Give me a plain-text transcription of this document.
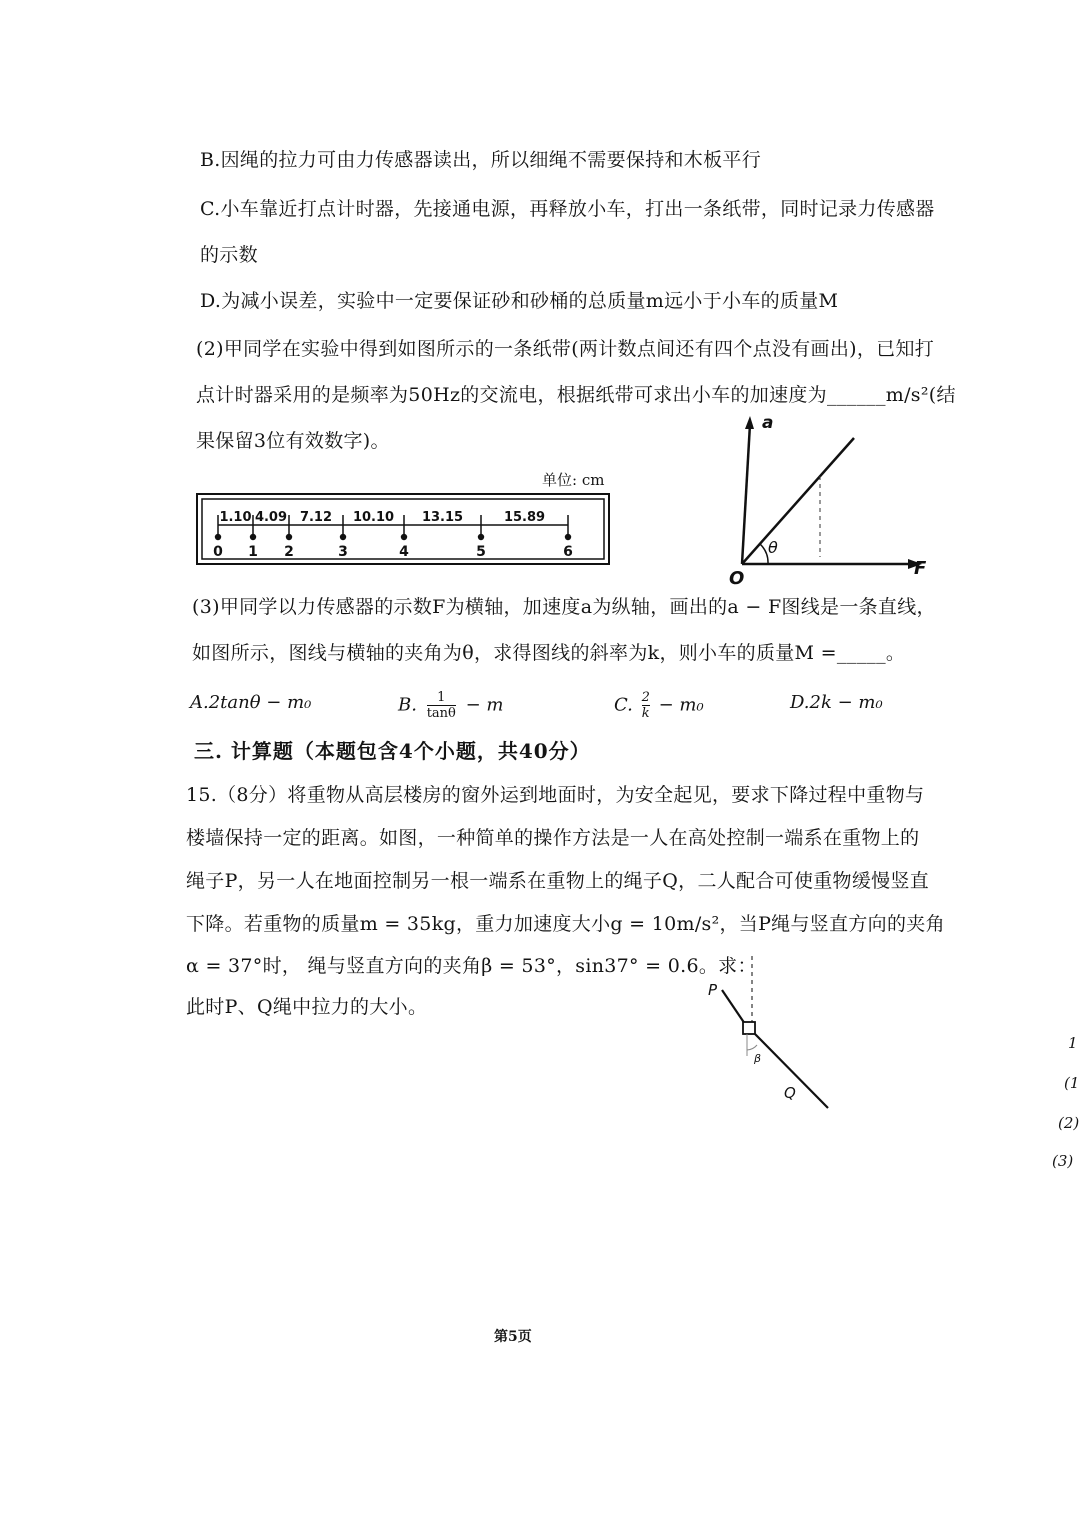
B.因绳的拉力可由力传感器读出，所以细绳不需要保持和木板平行
C.小车靠近打点计时器，先接通电源，再释放小车，打出一条纸带，同时记录力传感器
的示数
D.为减小误差，实验中一定要保证砂和砂桶的总质量m远小于小车的质量M
(2)甲同学在实验中得到如图所示的一条纸带(两计数点间还有四个点没有画出)，已知打
点计时器采用的是频率为50Hz的交流电，根据纸带可求出小车的加速度为______m/s²(结
果保留3位有效数字)。
单位: cm
0 1 2	3	4	5	6
1.10 4.09 7.12 10.10 13.15	15.89
a
F
O
θ
(3)甲同学以力传感器的示数F为横轴，加速度a为纵轴，画出的a − F图线是一条直线，
如图所示，图线与横轴的夹角为θ，求得图线的斜率为k，则小车的质量M =_____。
A.2tanθ − m₀	B. $\frac{1}{\tan\theta} - m$	C. $\frac{2}{k} - m_0$	D.2k − m₀
三. 计算题（本题包含4个小题，共40分）
15.（8分）将重物从高层楼房的窗外运到地面时，为安全起见，要求下降过程中重物与
楼墙保持一定的距离。如图，一种简单的操作方法是一人在高处控制一端系在重物上的
绳子P，另一人在地面控制另一根一端系在重物上的绳子Q，二人配合可使重物缓慢竖直
下降。若重物的质量m = 35kg，重力加速度大小g = 10m/s²，当P绳与竖直方向的夹角
α = 37°时， 绳与竖直方向的夹角β = 53°，sin37° = 0.6。求：
此时P、Q绳中拉力的大小。
P
Q
β
1
(1
(2)
(3)
第5页
